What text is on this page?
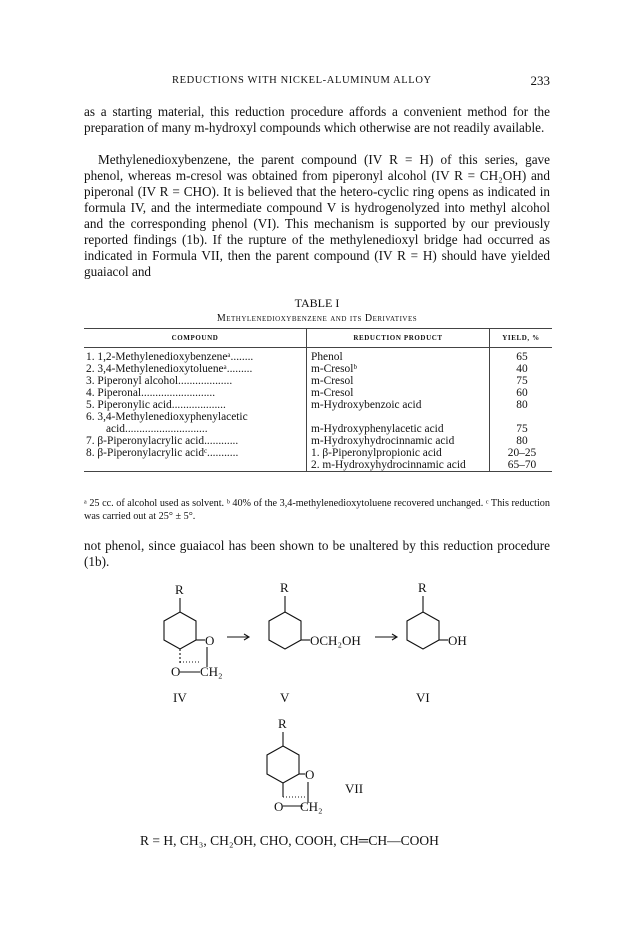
REDUCTIONS WITH NICKEL-ALUMINUM ALLOY	233
as a starting material, this reduction procedure affords a convenient method for the preparation of many m-hydroxyl compounds which otherwise are not readily available.
Methylenedioxybenzene, the parent compound (IV R = H) of this series, gave phenol, whereas m-cresol was obtained from piperonyl alcohol (IV R = CH₂OH) and piperonal (IV R = CHO). It is believed that the hetero-cyclic ring opens as indicated in formula IV, and the intermediate compound V is hydrogenolyzed into methyl alcohol and the corresponding phenol (VI). This mechanism is supported by our previously reported findings (1b). If the rupture of the methylenedioxyl bridge had occurred as indicated in Formula VII, then the parent compound (IV R = H) should have yielded guaiacol and
TABLE I
Methylenedioxybenzene and its Derivatives
COMPOUND	REDUCTION PRODUCT	YIELD, %
1. 1,2-Methylenedioxybenzeneᵃ........	Phenol	65
2. 3,4-Methylenedioxytolueneᵃ.........	m-Cresolᵇ	40
3. Piperonyl alcohol...................	m-Cresol	75
4. Piperonal..........................	m-Cresol	60
5. Piperonylic acid...................	m-Hydroxybenzoic acid	80
6. 3,4-Methylenedioxyphenylacetic		
acid.............................	m-Hydroxyphenylacetic acid	75
7. β-Piperonylacrylic acid............	m-Hydroxyhydrocinnamic acid	80
8. β-Piperonylacrylic acidᶜ...........	1. β-Piperonylpropionic acid	20–25
	2. m-Hydroxyhydrocinnamic acid	65–70
ᵃ 25 cc. of alcohol used as solvent. ᵇ 40% of the 3,4-methylenedioxytoluene recovered unchanged. ᶜ This reduction was carried out at 25° ± 5°.
not phenol, since guaiacol has been shown to be unaltered by this reduction procedure (1b).
R	R	R
R
O
O CH₂
OCH₂OH	OH
O
O CH₂
IV	V	VI
VII
R = H, CH₃, CH₂OH, CHO, COOH, CH═CH—COOH
